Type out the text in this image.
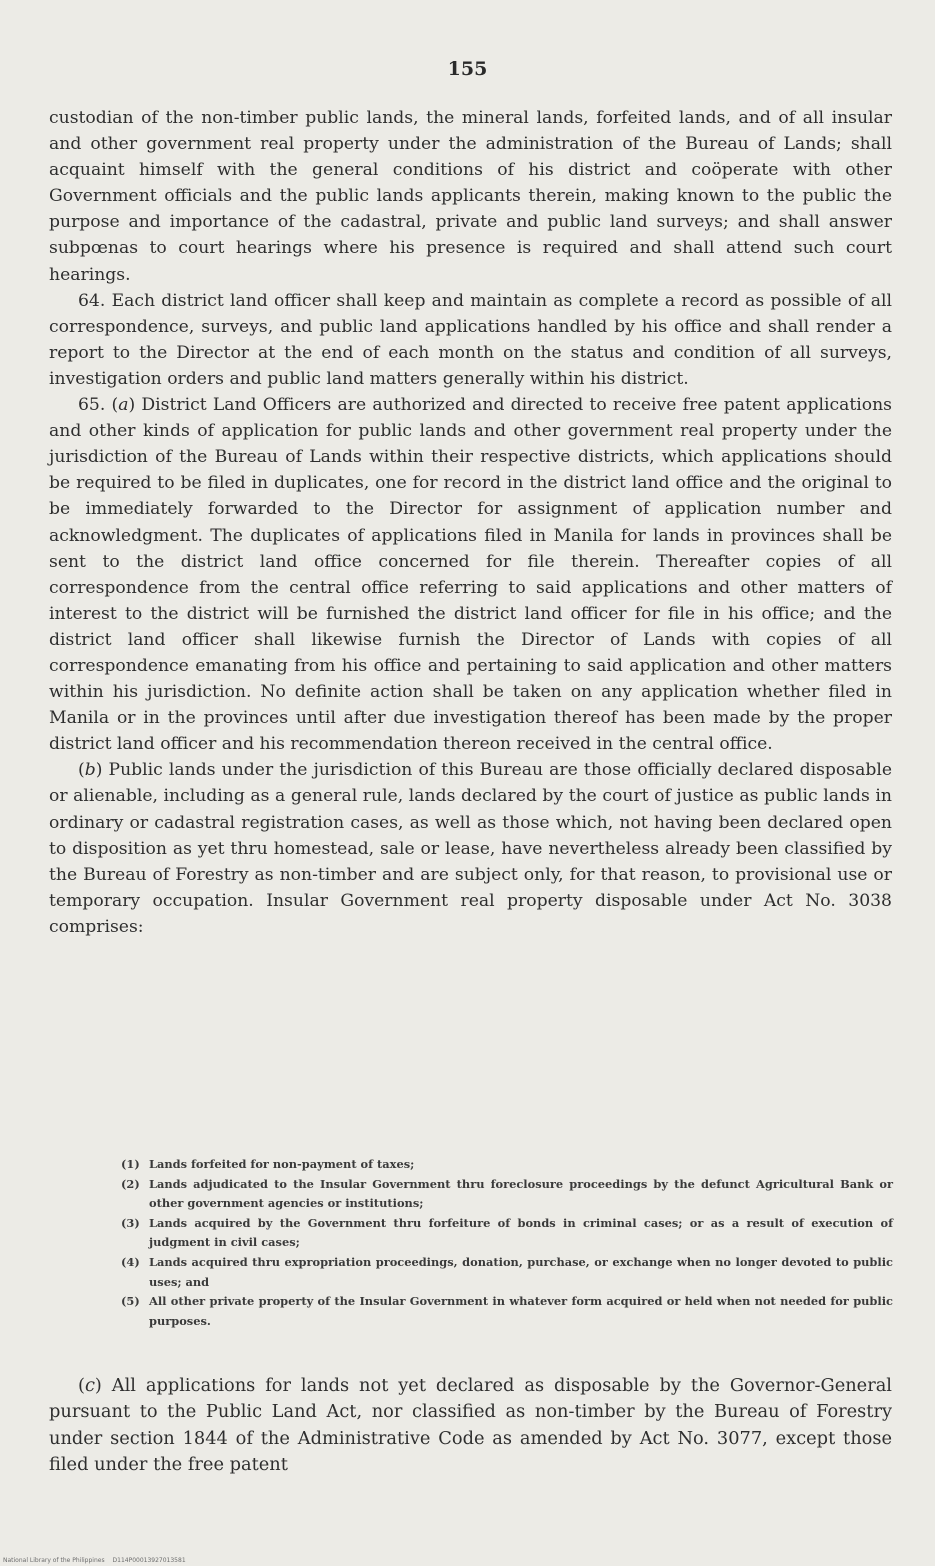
155

custodian of the non-timber public lands, the mineral lands, forfeited lands, and of all insular and other government real property under the administration of the Bureau of Lands; shall acquaint himself with the general conditions of his district and coöperate with other Government officials and the public lands applicants therein, making known to the public the purpose and importance of the cadastral, private and public land surveys; and shall answer subpœnas to court hearings where his presence is required and shall attend such court hearings.

64. Each district land officer shall keep and maintain as complete a record as possible of all correspondence, surveys, and public land applications handled by his office and shall render a report to the Director at the end of each month on the status and condition of all surveys, investigation orders and public land matters generally within his district.

65. (a) District Land Officers are authorized and directed to receive free patent applications and other kinds of application for public lands and other government real property under the jurisdiction of the Bureau of Lands within their respective districts, which applications should be required to be filed in duplicates, one for record in the district land office and the original to be immediately forwarded to the Director for assignment of application number and acknowledgment. The duplicates of applications filed in Manila for lands in provinces shall be sent to the district land office concerned for file therein. Thereafter copies of all correspondence from the central office referring to said applications and other matters of interest to the district will be furnished the district land officer for file in his office; and the district land officer shall likewise furnish the Director of Lands with copies of all correspondence emanating from his office and pertaining to said application and other matters within his jurisdiction. No definite action shall be taken on any application whether filed in Manila or in the provinces until after due investigation thereof has been made by the proper district land officer and his recommendation thereon received in the central office.

(b) Public lands under the jurisdiction of this Bureau are those officially declared disposable or alienable, including as a general rule, lands declared by the court of justice as public lands in ordinary or cadastral registration cases, as well as those which, not having been declared open to disposition as yet thru homestead, sale or lease, have nevertheless already been classified by the Bureau of Forestry as non-timber and are subject only, for that reason, to provisional use or temporary occupation. Insular Government real property disposable under Act No. 3038 comprises:

(1) Lands forfeited for non-payment of taxes;
(2) Lands adjudicated to the Insular Government thru foreclosure proceedings by the defunct Agricultural Bank or other government agencies or institutions;
(3) Lands acquired by the Government thru forfeiture of bonds in criminal cases; or as a result of execution of judgment in civil cases;
(4) Lands acquired thru expropriation proceedings, donation, purchase, or exchange when no longer devoted to public uses; and
(5) All other private property of the Insular Government in whatever form acquired or held when not needed for public purposes.

(c) All applications for lands not yet declared as disposable by the Governor-General pursuant to the Public Land Act, nor classified as non-timber by the Bureau of Forestry under section 1844 of the Administrative Code as amended by Act No. 3077, except those filed under the free patent

National Library of the Philippines D114P00013927013581
